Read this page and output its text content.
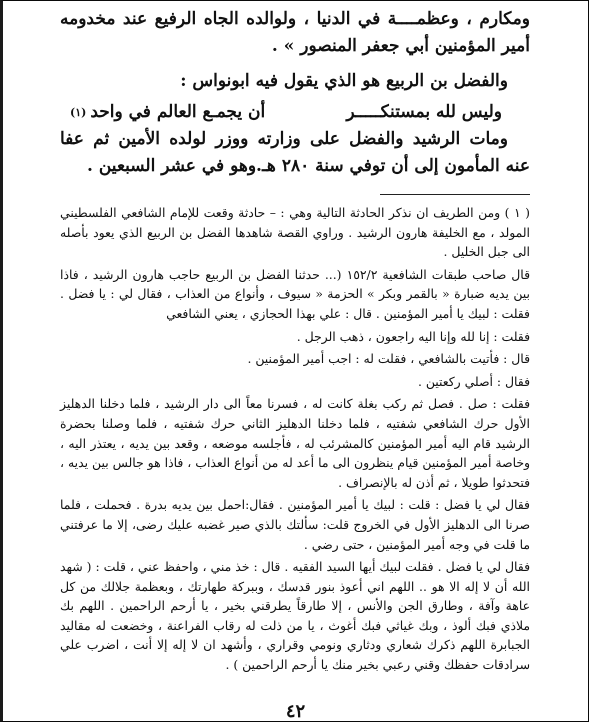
ومكارم ، وعظمــــة في الدنيا ، ولوالده الجاه الرفيع عند مخدومه أمير المؤمنين أبي جعفر المنصور » .

والفضل بن الربيع هو الذي يقول فيه ابونواس :

وليس لله بمستنكـــــر
أن يجمـع العالم في واحد
(١)

ومات الرشيد والفضل على وزارته ووزر لولده الأمين ثم عفا عنه المأمون إلى أن توفي سنة ٢٨٠ هـ.وهو في عشر السبعين .

( ١ ) ومن الطريف ان نذكر الحادثة التالية وهي : – حادثة وقعت للإمام الشافعي الفلسطيني المولد ، مع الخليفة هارون الرشيد . وراوي القصة شاهدها الفضل بن الربيع الذي يعود بأصله الى جبل الخليل .

قال صاحب طبقات الشافعية ١٥٢/٢ (... حدثنا الفضل بن الربيع حاجب هارون الرشيد ، فاذا بين يديه ضبارة « بالقمر وبكر » الحزمة « سيوف ، وأنواع من العذاب ، فقال لي : يا فضل . فقلت : لبيك يا أمير المؤمنين . قال : علي بهذا الحجازي ، يعني الشافعي

فقلت : إنا لله وإنا اليه راجعون ، ذهب الرجل .

قال : فأتيت بالشافعي ، فقلت له : اجب أمير المؤمنين .

فقال : أصلي ركعتين .

فقلت : صل . فصل ثم ركب بغلة كانت له ، فسرنا معاً الى دار الرشيد ، فلما دخلنا الدهليز الأول حرك الشافعي شفتيه ، فلما دخلنا الدهليز الثاني حرك شفتيه ، فلما وصلنا بحضرة الرشيد قام اليه أمير المؤمنين كالمشرئب له ، فأجلسه موضعه ، وقعد بين يديه ، يعتذر اليه ، وخاصة أمير المؤمنين قيام ينظرون الى ما أعد له من أنواع العذاب ، فاذا هو جالس بين يديه ، فتحدثوا طويلا ، ثم أذن له بالإنصراف .

فقال لي يا فضل : قلت : لبيك يا أمير المؤمنين . فقال:احمل بين يديه بدرة . فحملت ، فلما صرنا الى الدهليز الأول في الخروج قلت: سألتك بالذي صير غضبه عليك رضى، إلا ما عرفتني ما قلت في وجه أمير المؤمنين ، حتى رضي .

فقال لي يا فضل . فقلت لبيك أيها السيد الفقيه . قال : خذ مني ، واحفظ عني ، قلت : ( شهد الله أن لا إله الا هو .. اللهم اني أعوذ بنور قدسك ، وببركة طهارتك ، وبعظمة جلالك من كل عاهة وآفة ، وطارق الجن والأنس ، إلا طارقاً يطرقني بخير ، يا أرحم الراحمين . اللهم بك ملاذي فبك ألوذ ، وبك غياثي فبك أغوث ، يا من ذلت له رقاب الفراعنة ، وخضعت له مقاليد الجبابرة اللهم ذكرك شعاري ودثاري ونومي وقراري ، وأشهد ان لا إله إلا أنت ، اضرب علي سرادقات حفظك وقني رعبي بخير منك يا أرحم الراحمين ) .

٤٢
